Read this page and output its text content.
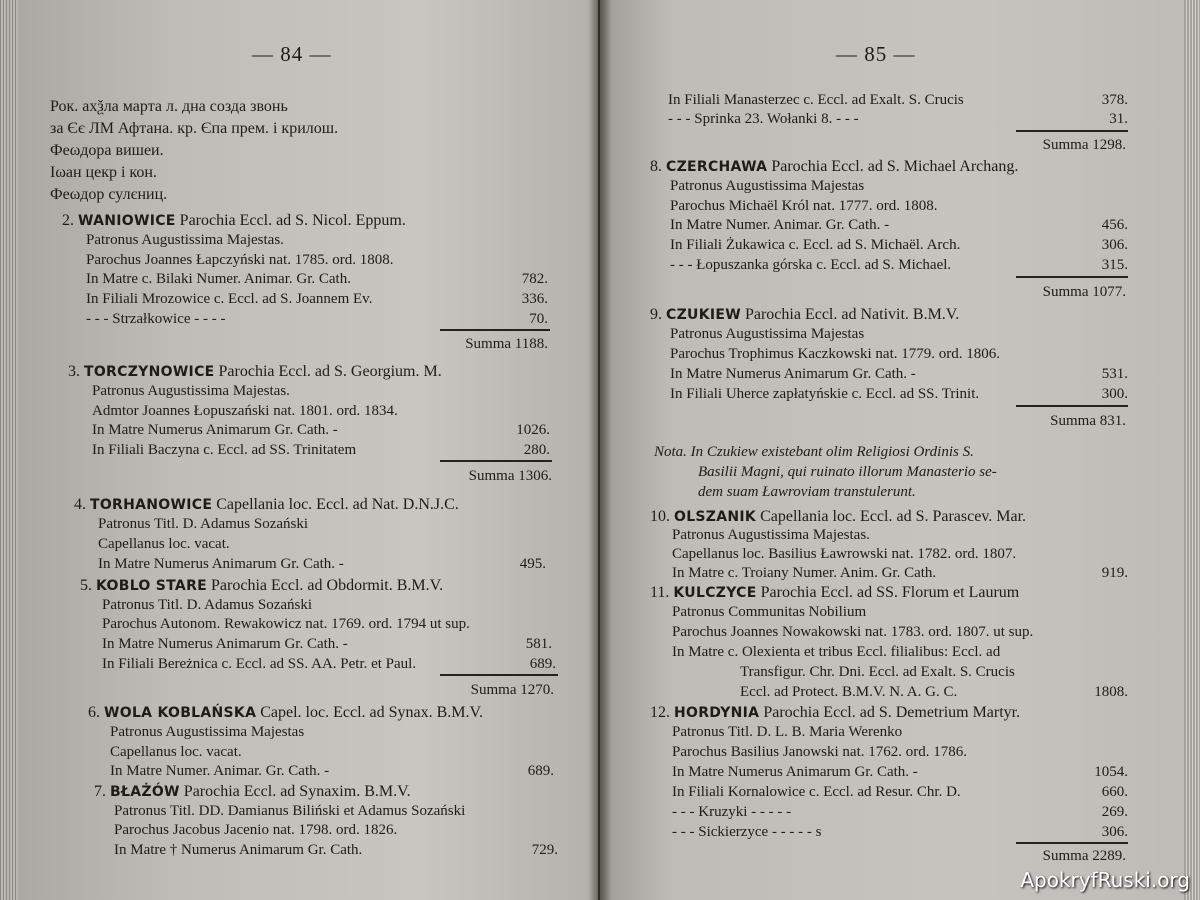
— 84 —
Рок. ахѯла марта л. дна созда звонь
за Єє ЛМ Афтана. кр. Єпа прем. і крилош.
Феωдора вишеи.
Іωан цекр і кон.
Феωдор сулєниц.
2. WANIOWICE Parochia Eccl. ad S. Nicol. Eppum.
Patronus Augustissima Majestas.
Parochus Joannes Łapczyński nat. 1785. ord. 1808.
In Matre c. Bilaki Numer. Animar. Gr. Cath.	782.
In Filiali Mrozowice c. Eccl. ad S. Joannem Ev.	336.
- - - Strzałkowice - - - -	70.
Summa 1188.
3. TORCZYNOWICE Parochia Eccl. ad S. Georgium. M.
Patronus Augustissima Majestas.
Admtor Joannes Łopuszański nat. 1801. ord. 1834.
In Matre Numerus Animarum Gr. Cath. -	1026.
In Filiali Baczyna c. Eccl. ad SS. Trinitatem	280.
Summa 1306.
4. TORHANOWICE Capellania loc. Eccl. ad Nat. D.N.J.C.
Patronus Titl. D. Adamus Sozański
Capellanus loc. vacat.
In Matre Numerus Animarum Gr. Cath. -	495.
5. KOBLO STARE Parochia Eccl. ad Obdormit. B.M.V.
Patronus Titl. D. Adamus Sozański
Parochus Autonom. Rewakowicz nat. 1769. ord. 1794 ut sup.
In Matre Numerus Animarum Gr. Cath. -	581.
In Filiali Bereżnica c. Eccl. ad SS. AA. Petr. et Paul.	689.
Summa 1270.
6. WOLA KOBLAŃSKA Capel. loc. Eccl. ad Synax. B.M.V.
Patronus Augustissima Majestas
Capellanus loc. vacat.
In Matre Numer. Animar. Gr. Cath. -	689.
7. BŁAŻÓW Parochia Eccl. ad Synaxim. B.M.V.
Patronus Titl. DD. Damianus Biliński et Adamus Sozański
Parochus Jacobus Jacenio nat. 1798. ord. 1826.
In Matre † Numerus Animarum Gr. Cath.	729.
— 85 —
In Filiali Manasterzec c. Eccl. ad Exalt. S. Crucis	378.
- - - Sprinka 23. Wołanki 8. - - -	31.
Summa 1298.
8. CZERCHAWA Parochia Eccl. ad S. Michael Archang.
Patronus Augustissima Majestas
Parochus Michaël Król nat. 1777. ord. 1808.
In Matre Numer. Animar. Gr. Cath. -	456.
In Filiali Żukawica c. Eccl. ad S. Michaël. Arch.	306.
- - - Łopuszanka górska c. Eccl. ad S. Michael.	315.
Summa 1077.
9. CZUKIEW Parochia Eccl. ad Nativit. B.M.V.
Patronus Augustissima Majestas
Parochus Trophimus Kaczkowski nat. 1779. ord. 1806.
In Matre Numerus Animarum Gr. Cath. -	531.
In Filiali Uherce zapłatyńskie c. Eccl. ad SS. Trinit.	300.
Summa 831.
Nota. In Czukiew existebant olim Religiosi Ordinis S.
Basilii Magni, qui ruinato illorum Manasterio se-
dem suam Ławroviam transtulerunt.
10. OLSZANIK Capellania loc. Eccl. ad S. Parascev. Mar.
Patronus Augustissima Majestas.
Capellanus loc. Basilius Ławrowski nat. 1782. ord. 1807.
In Matre c. Troiany Numer. Anim. Gr. Cath.	919.
11. KULCZYCE Parochia Eccl. ad SS. Florum et Laurum
Patronus Communitas Nobilium
Parochus Joannes Nowakowski nat. 1783. ord. 1807. ut sup.
In Matre c. Olexienta et tribus Eccl. filialibus: Eccl. ad
Transfigur. Chr. Dni. Eccl. ad Exalt. S. Crucis
Eccl. ad Protect. B.M.V. N. A. G. C.	1808.
12. HORDYNIA Parochia Eccl. ad S. Demetrium Martyr.
Patronus Titl. D. L. B. Maria Werenko
Parochus Basilius Janowski nat. 1762. ord. 1786.
In Matre Numerus Animarum Gr. Cath. -	1054.
In Filiali Kornalowice c. Eccl. ad Resur. Chr. D.	660.
- - - Kruzyki - - - - -	269.
- - - Sickierzyce - - - - - s	306.
Summa 2289.
ApokryfRuski.org
